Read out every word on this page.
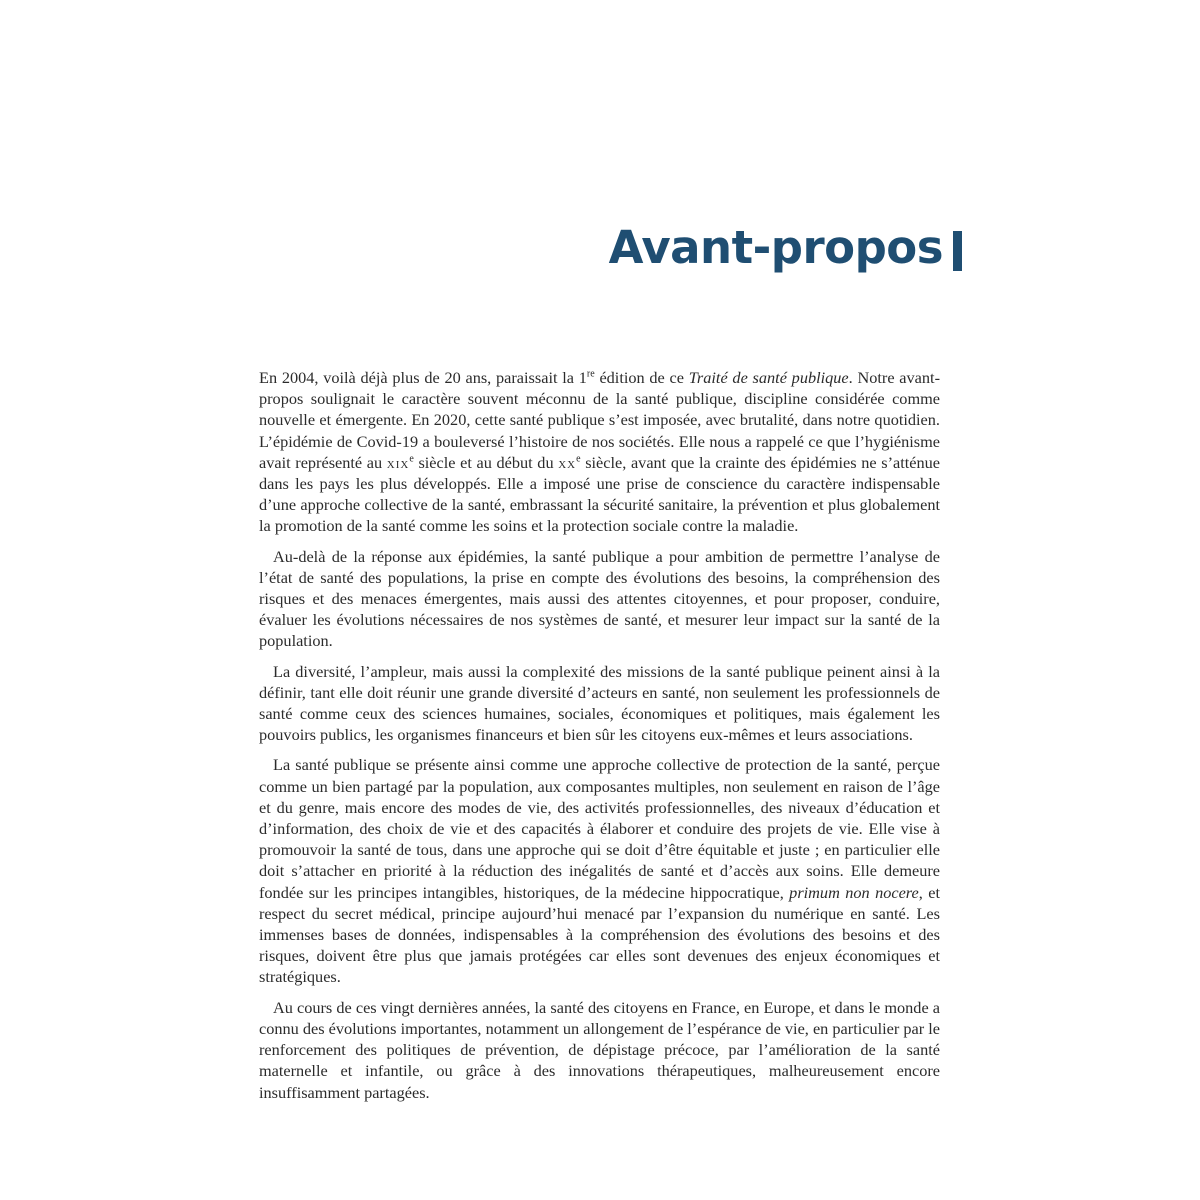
Avant-propos

En 2004, voilà déjà plus de 20 ans, paraissait la 1re édition de ce Traité de santé publique. Notre avant-propos soulignait le caractère souvent méconnu de la santé publique, discipline considérée comme nouvelle et émergente. En 2020, cette santé publique s’est imposée, avec brutalité, dans notre quotidien. L’épidémie de Covid-19 a bouleversé l’histoire de nos sociétés. Elle nous a rappelé ce que l’hygiénisme avait représenté au xix$^e$ siècle et au début du $xx^e$ siècle, avant que la crainte des épidémies ne s’atténue dans les pays les plus développés. Elle a imposé une prise de conscience du caractère indispensable d’une approche collective de la santé, embrassant la sécurité sanitaire, la prévention et plus globalement la promotion de la santé comme les soins et la protection sociale contre la maladie.

Au-delà de la réponse aux épidémies, la santé publique a pour ambition de permettre l’analyse de l’état de santé des populations, la prise en compte des évolutions des besoins, la compréhension des risques et des menaces émergentes, mais aussi des attentes citoyennes, et pour proposer, conduire, évaluer les évolutions nécessaires de nos systèmes de santé, et mesurer leur impact sur la santé de la population.

La diversité, l’ampleur, mais aussi la complexité des missions de la santé publique peinent ainsi à la définir, tant elle doit réunir une grande diversité d’acteurs en santé, non seulement les professionnels de santé comme ceux des sciences humaines, sociales, économiques et politiques, mais également les pouvoirs publics, les organismes financeurs et bien sûr les citoyens eux-mêmes et leurs associations.

La santé publique se présente ainsi comme une approche collective de protection de la santé, perçue comme un bien partagé par la population, aux composantes multiples, non seulement en raison de l’âge et du genre, mais encore des modes de vie, des activités professionnelles, des niveaux d’éducation et d’information, des choix de vie et des capacités à élaborer et conduire des projets de vie. Elle vise à promouvoir la santé de tous, dans une approche qui se doit d’être équitable et juste ; en particulier elle doit s’attacher en priorité à la réduction des inégalités de santé et d’accès aux soins. Elle demeure fondée sur les principes intangibles, historiques, de la médecine hippocratique, primum non nocere, et respect du secret médical, principe aujourd’hui menacé par l’expansion du numérique en santé. Les immenses bases de données, indispensables à la compréhension des évolutions des besoins et des risques, doivent être plus que jamais protégées car elles sont devenues des enjeux économiques et stratégiques.

Au cours de ces vingt dernières années, la santé des citoyens en France, en Europe, et dans le monde a connu des évolutions importantes, notamment un allongement de l’espérance de vie, en particulier par le renforcement des politiques de prévention, de dépistage précoce, par l’amélioration de la santé maternelle et infantile, ou grâce à des innovations thérapeutiques, malheureusement encore insuffisamment partagées.
